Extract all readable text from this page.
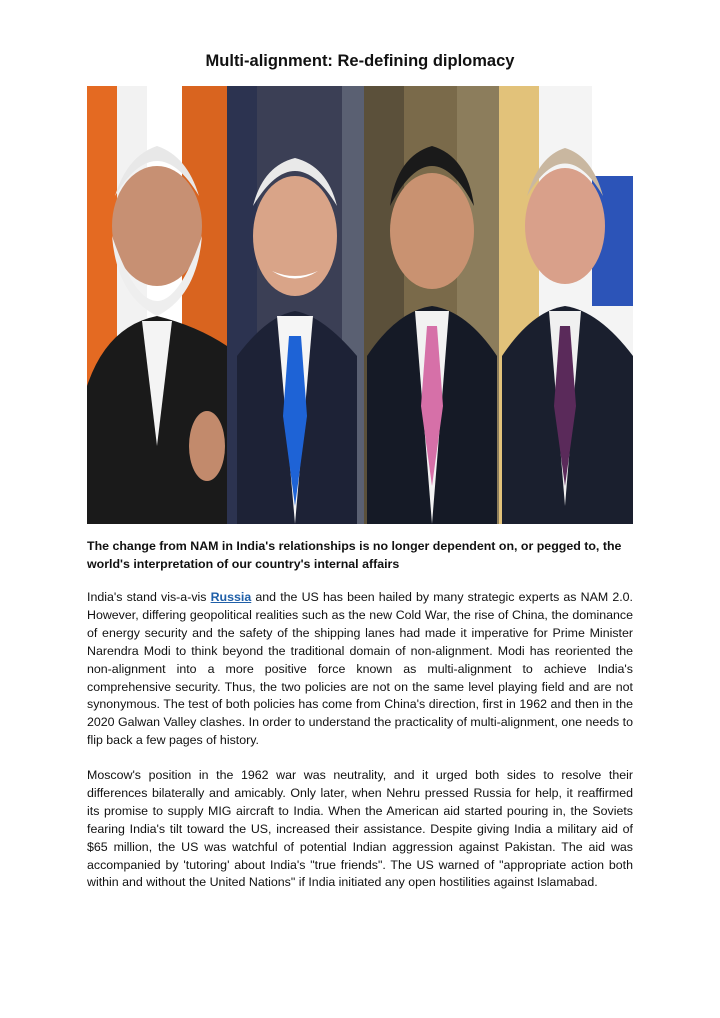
Multi-alignment: Re-defining diplomacy

The change from NAM in India's relationships is no longer dependent on, or pegged to, the world's interpretation of our country's internal affairs

India's stand vis-a-vis Russia and the US has been hailed by many strategic experts as NAM 2.0. However, differing geopolitical realities such as the new Cold War, the rise of China, the dominance of energy security and the safety of the shipping lanes had made it imperative for Prime Minister Narendra Modi to think beyond the traditional domain of non-alignment. Modi has reoriented the non-alignment into a more positive force known as multi-alignment to achieve India's comprehensive security. Thus, the two policies are not on the same level playing field and are not synonymous. The test of both policies has come from China's direction, first in 1962 and then in the 2020 Galwan Valley clashes. In order to understand the practicality of multi-alignment, one needs to flip back a few pages of history.

Moscow's position in the 1962 war was neutrality, and it urged both sides to resolve their differences bilaterally and amicably. Only later, when Nehru pressed Russia for help, it reaffirmed its promise to supply MIG aircraft to India. When the American aid started pouring in, the Soviets fearing India's tilt toward the US, increased their assistance. Despite giving India a military aid of $65 million, the US was watchful of potential Indian aggression against Pakistan. The aid was accompanied by 'tutoring' about India's "true friends". The US warned of "appropriate action both within and without the United Nations" if India initiated any open hostilities against Islamabad.
